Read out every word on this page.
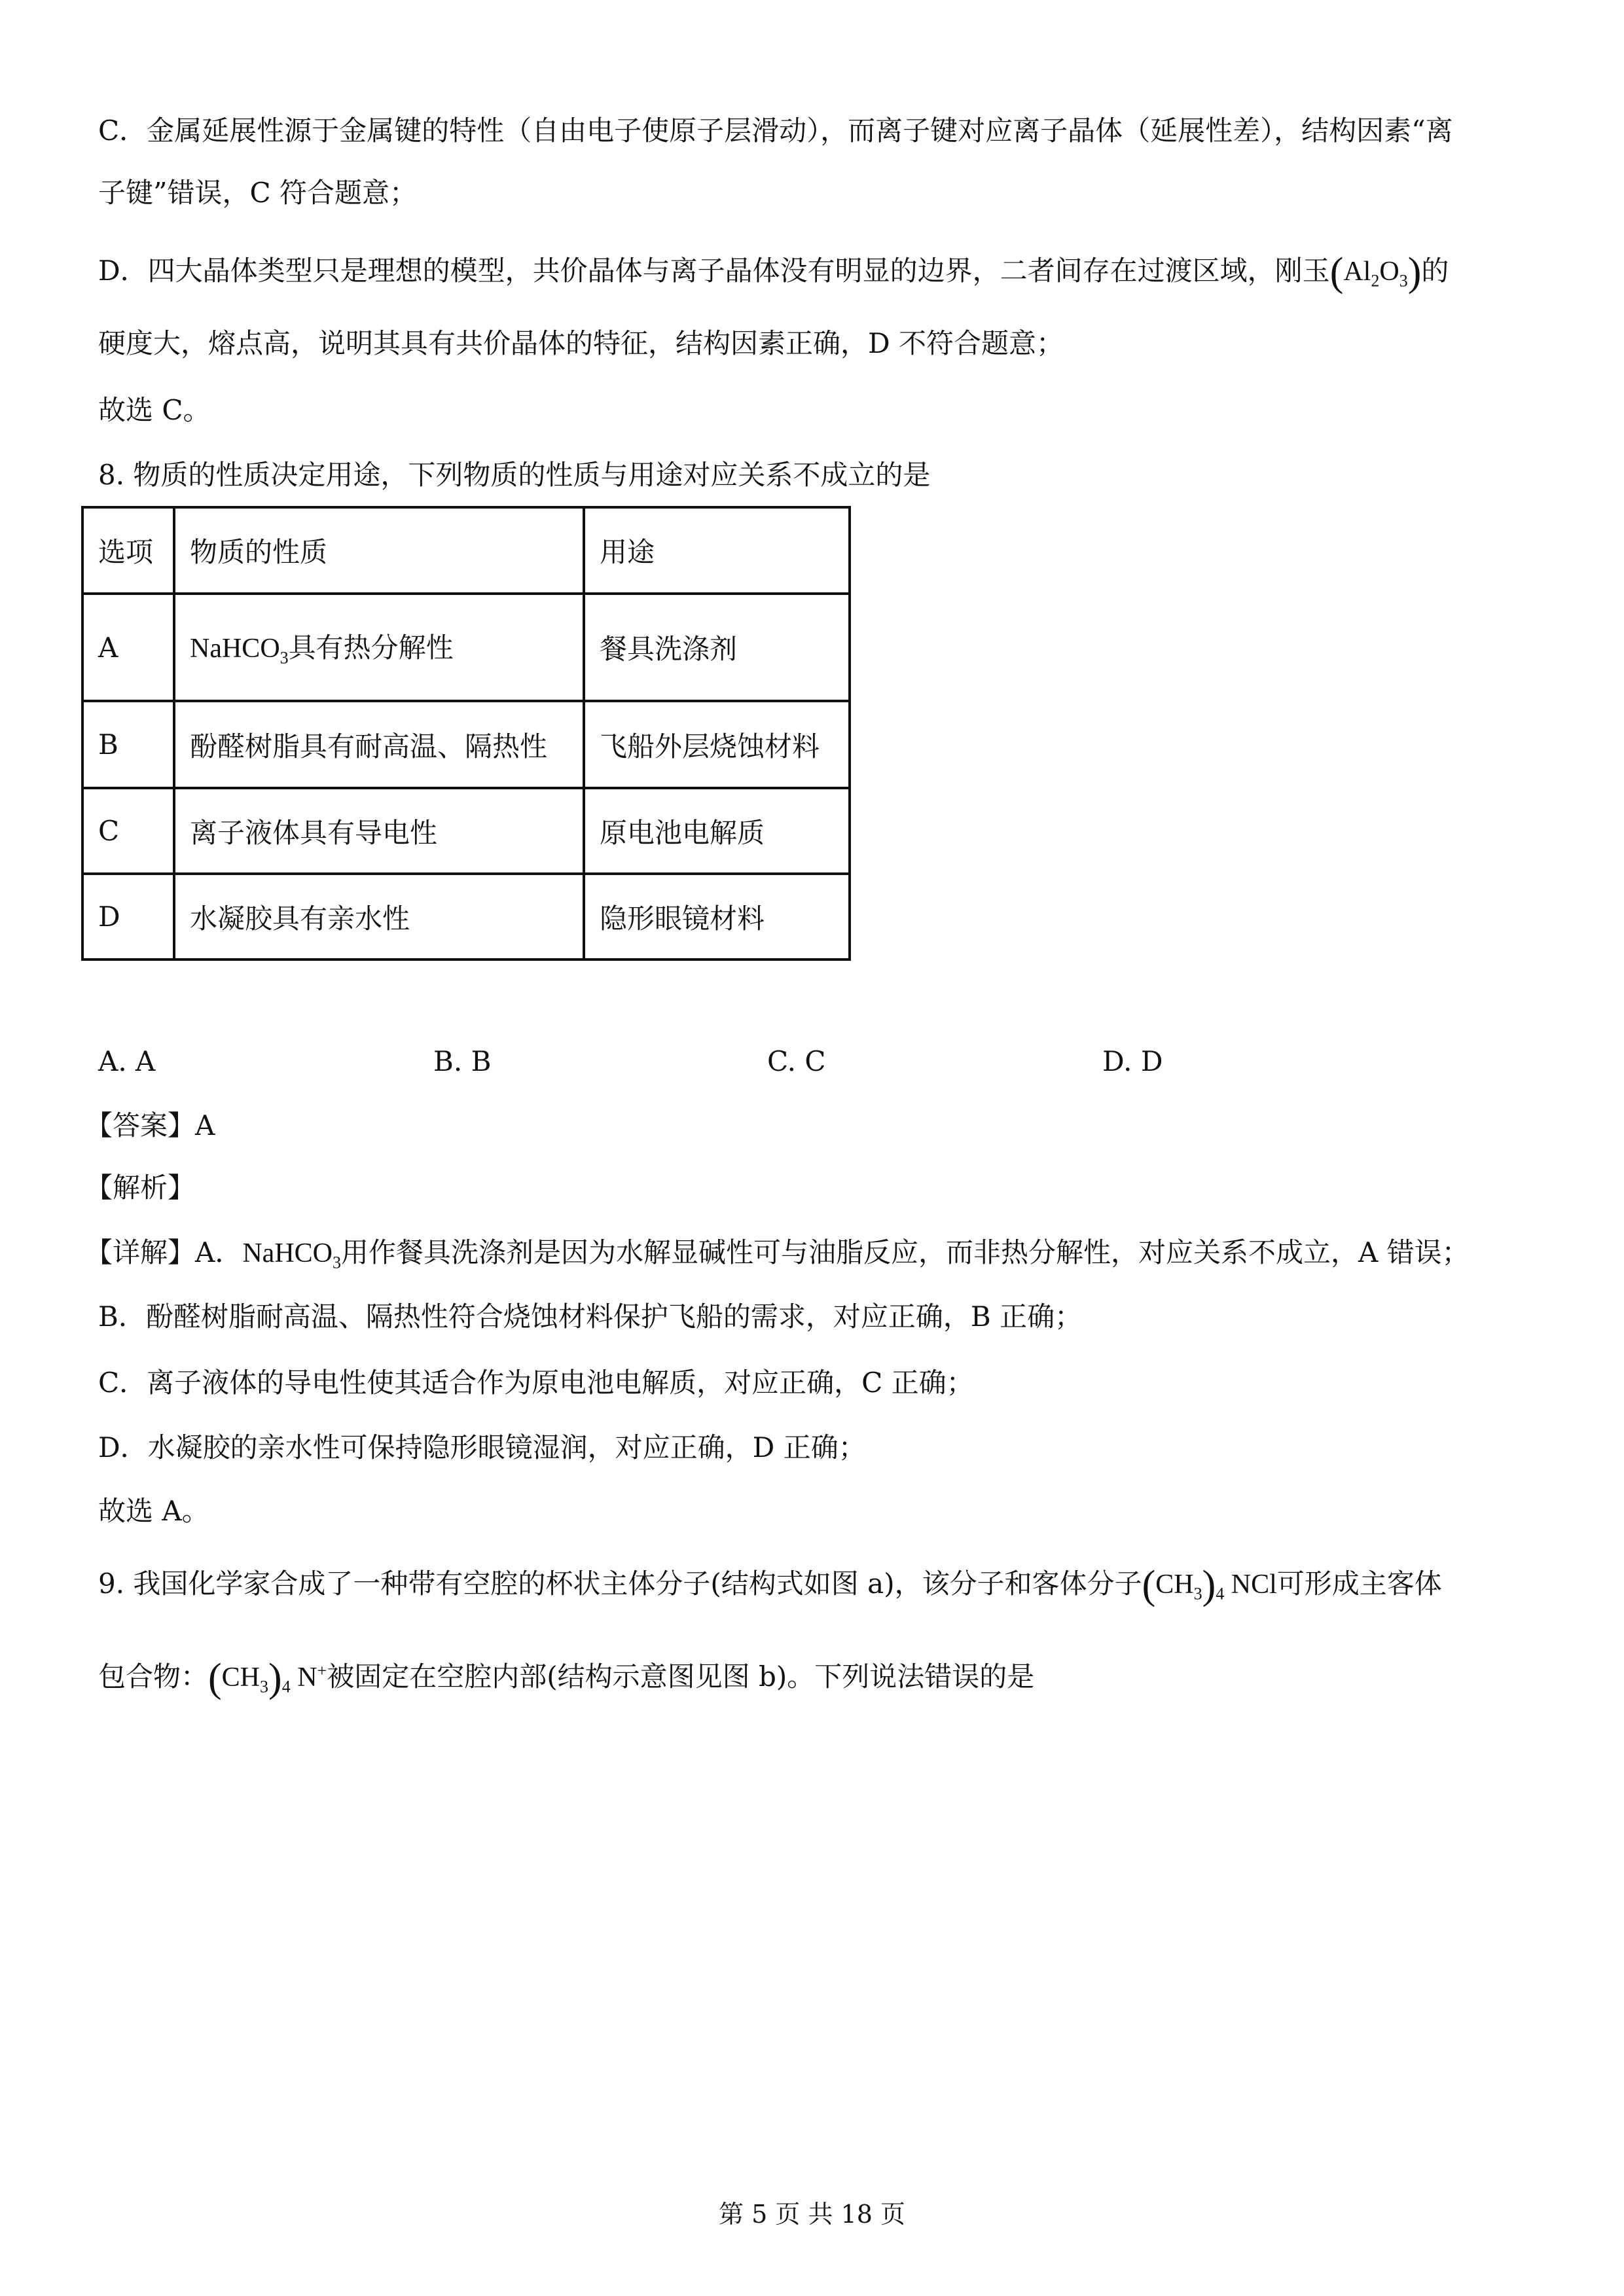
C．金属延展性源于金属键的特性（自由电子使原子层滑动），而离子键对应离子晶体（延展性差），结构因素“离
子键”错误，C 符合题意；
D．四大晶体类型只是理想的模型，共价晶体与离子晶体没有明显的边界，二者间存在过渡区域，刚玉$(Al_2O_3)$的
硬度大，熔点高，说明其具有共价晶体的特征，结构因素正确，D 不符合题意；
故选 C。
8. 物质的性质决定用途，下列物质的性质与用途对应关系不成立的是
选项	物质的性质	用途
A	NaHCO$_3$具有热分解性	餐具洗涤剂
B	酚醛树脂具有耐高温、隔热性	飞船外层烧蚀材料
C	离子液体具有导电性	原电池电解质
D	水凝胶具有亲水性	隐形眼镜材料
A. A	B. B	C. C	D. D
【答案】A
【解析】
【详解】A．NaHCO$_3$用作餐具洗涤剂是因为水解显碱性可与油脂反应，而非热分解性，对应关系不成立，A 错误；
B．酚醛树脂耐高温、隔热性符合烧蚀材料保护飞船的需求，对应正确，B 正确；
C．离子液体的导电性使其适合作为原电池电解质，对应正确，C 正确；
D．水凝胶的亲水性可保持隐形眼镜湿润，对应正确，D 正确；
故选 A。
9. 我国化学家合成了一种带有空腔的杯状主体分子(结构式如图 a)，该分子和客体分子$(CH_3)_4$ NCl可形成主客体
包合物：$(CH_3)_4$ N+被固定在空腔内部(结构示意图见图 b)。下列说法错误的是
第 5 页 共 18 页
